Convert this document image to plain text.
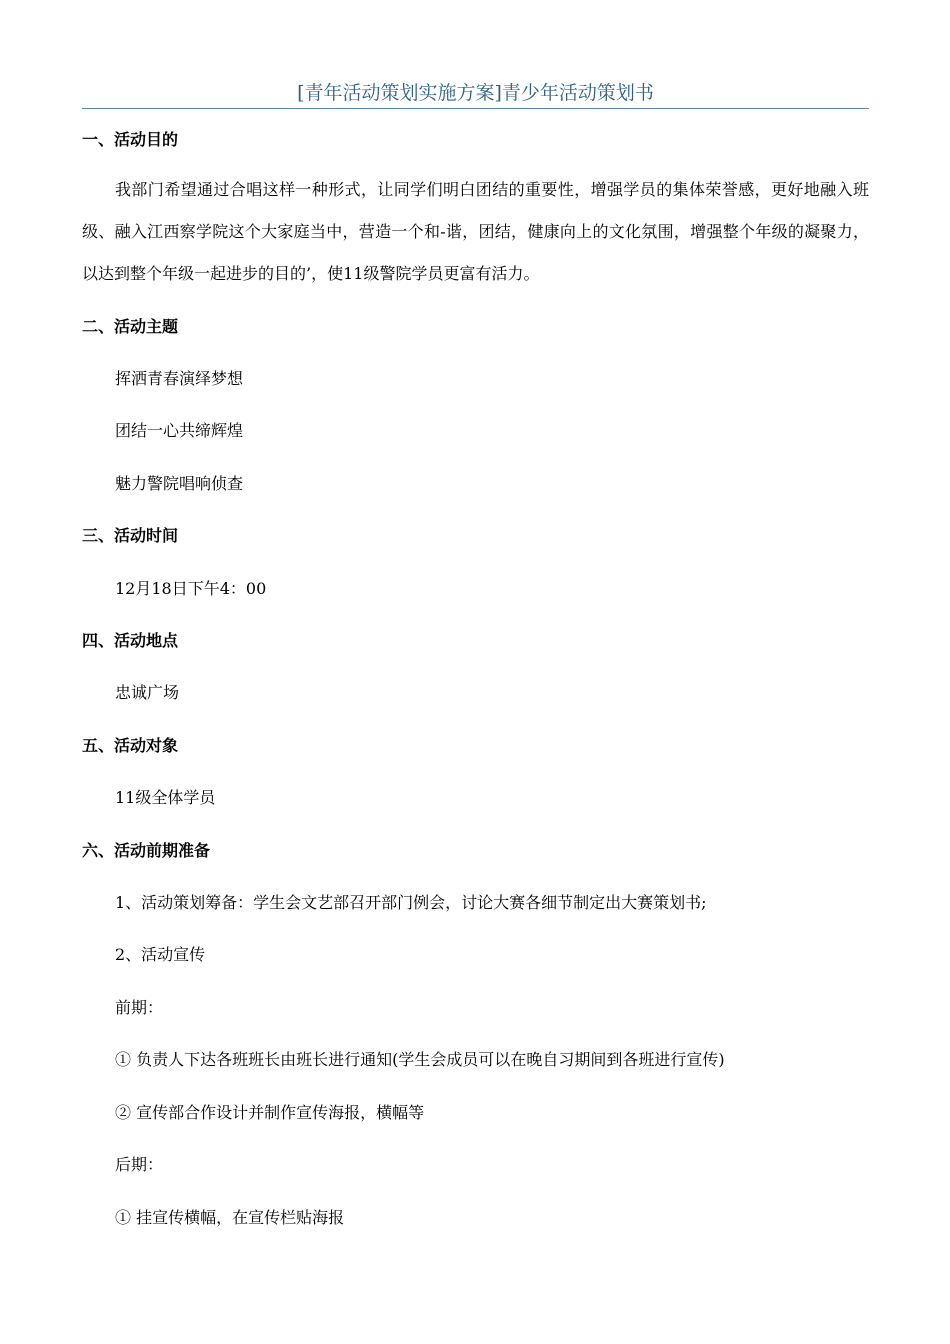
[青年活动策划实施方案]青少年活动策划书
一、活动目的
我部门希望通过合唱这样一种形式，让同学们明白团结的重要性，增强学员的集体荣誉感，更好地融入班级、融入江西察学院这个大家庭当中，营造一个和-谐，团结，健康向上的文化氛围，增强整个年级的凝聚力，以达到整个年级一起进步的目的’，使11级警院学员更富有活力。
二、活动主题
挥洒青春演绎梦想
团结一心共缔辉煌
魅力警院唱响侦查
三、活动时间
12月18日下午4：00
四、活动地点
忠诚广场
五、活动对象
11级全体学员
六、活动前期准备
1、活动策划筹备：学生会文艺部召开部门例会，讨论大赛各细节制定出大赛策划书;
2、活动宣传
前期：
① 负责人下达各班班长由班长进行通知(学生会成员可以在晚自习期间到各班进行宣传)
② 宣传部合作设计并制作宣传海报，横幅等
后期：
① 挂宣传横幅，在宣传栏贴海报
